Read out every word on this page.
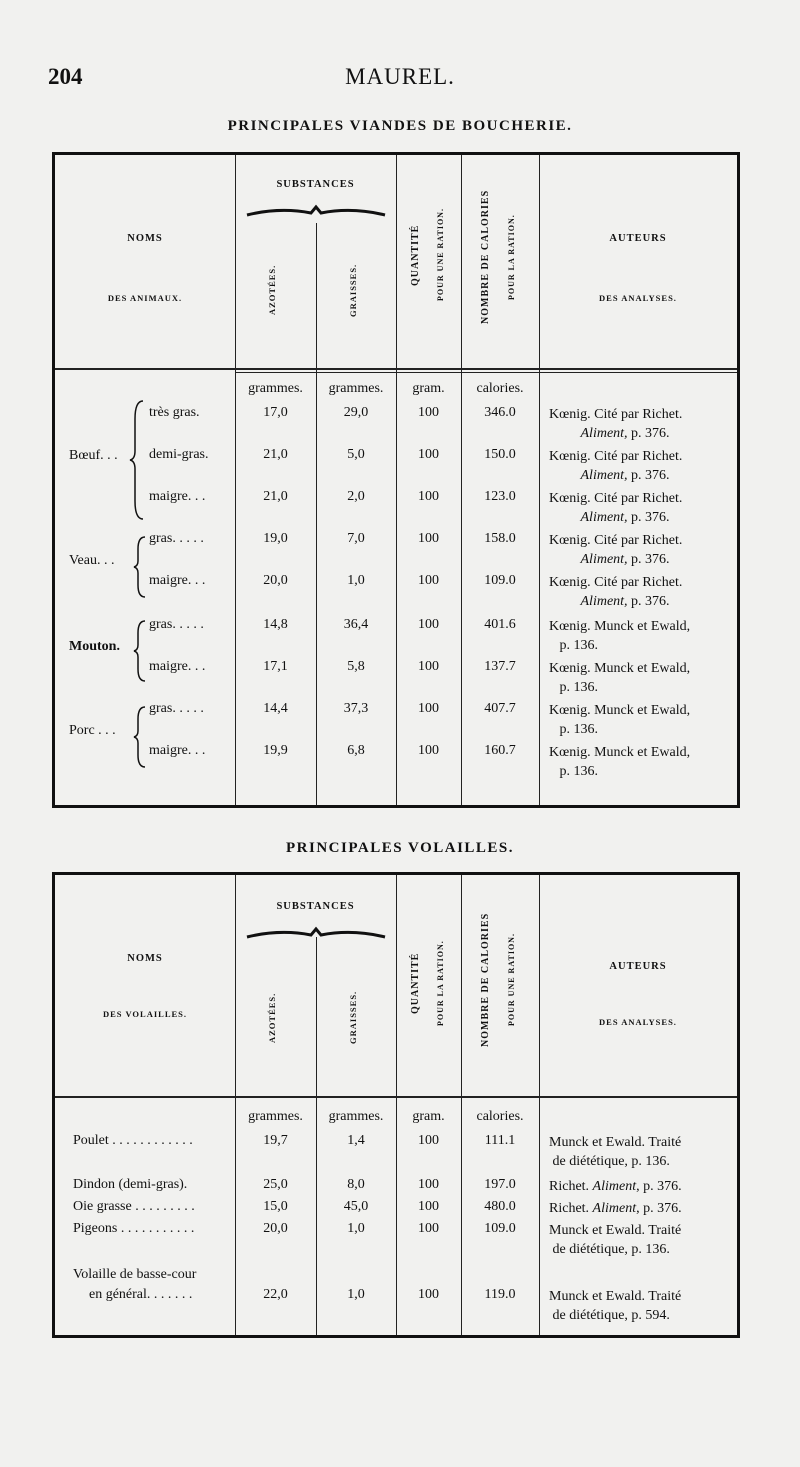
204	MAUREL.
PRINCIPALES VIANDES DE BOUCHERIE.
NOMS
DES ANIMAUX.
SUBSTANCES
AZOTÉES.	GRAISSES.
QUANTITÉ POUR UNE RATION.	NOMBRE DE CALORIES POUR LA RATION.	AUTEURS
DES ANALYSES.
grammes.	grammes.	gram.	calories.
Bœuf. . .
très gras.	17,0	29,0	100	346.0	Kœnig. Cité par Richet.
Aliment, p. 376.
demi-gras.	21,0	5,0	100	150.0	Kœnig. Cité par Richet.
Aliment, p. 376.
maigre. . .	21,0	2,0	100	123.0	Kœnig. Cité par Richet.
Aliment, p. 376.
Veau. . .
gras. . . . .	19,0	7,0	100	158.0	Kœnig. Cité par Richet.
Aliment, p. 376.
maigre. . .	20,0	1,0	100	109.0	Kœnig. Cité par Richet.
Aliment, p. 376.
Mouton.
gras. . . . .	14,8	36,4	100	401.6	Kœnig. Munck et Ewald,
p. 136.
maigre. . .	17,1	5,8	100	137.7	Kœnig. Munck et Ewald,
p. 136.
Porc . . .
gras. . . . .	14,4	37,3	100	407.7	Kœnig. Munck et Ewald,
p. 136.
maigre. . .	19,9	6,8	100	160.7	Kœnig. Munck et Ewald,
p. 136.
PRINCIPALES VOLAILLES.
NOMS
DES VOLAILLES.
SUBSTANCES
AZOTÉES.	GRAISSES.
QUANTITÉ POUR LA RATION.	NOMBRE DE CALORIES POUR UNE RATION.	AUTEURS
DES ANALYSES.
grammes.	grammes.	gram.	calories.
Poulet . . . . . . . . . . . .	19,7	1,4	100	111.1	Munck et Ewald. Traité
de diététique, p. 136.
Dindon (demi-gras).	25,0	8,0	100	197.0	Richet. Aliment, p. 376.
Oie grasse . . . . . . . . .	15,0	45,0	100	480.0	Richet. Aliment, p. 376.
Pigeons . . . . . . . . . . .	20,0	1,0	100	109.0	Munck et Ewald. Traité
de diététique, p. 136.
Volaille de basse-cour
en général. . . . . . .	22,0	1,0	100	119.0	Munck et Ewald. Traité
de diététique, p. 594.
